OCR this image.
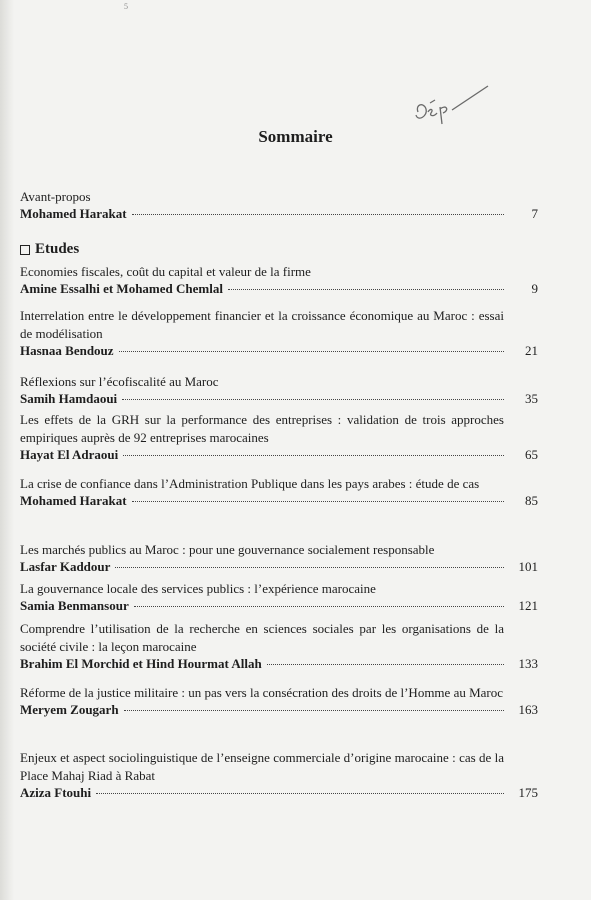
5
Sommaire
Avant-propos
Mohamed Harakat	7
Etudes
Economies fiscales, coût du capital et valeur de la firme
Amine Essalhi et Mohamed Chemlal	9
Interrelation entre le développement financier et la croissance économique au Maroc : essai de modélisation
Hasnaa Bendouz	21
Réflexions sur l’écofiscalité au Maroc
Samih Hamdaoui	35
Les effets de la GRH sur la performance des entreprises : validation de trois approches empiriques auprès de 92 entreprises marocaines
Hayat El Adraoui	65
La crise de confiance dans l’Administration Publique dans les pays arabes : étude de cas
Mohamed Harakat	85
Les marchés publics au Maroc : pour une gouvernance socialement responsable
Lasfar Kaddour	101
La gouvernance locale des services publics : l’expérience marocaine
Samia Benmansour	121
Comprendre l’utilisation de la recherche en sciences sociales par les organisations de la société civile : la leçon marocaine
Brahim El Morchid et Hind Hourmat Allah	133
Réforme de la justice militaire : un pas vers la consécration des droits de l’Homme au Maroc
Meryem Zougarh	163
Enjeux et aspect sociolinguistique de l’enseigne commerciale d’origine marocaine : cas de la Place Mahaj Riad à Rabat
Aziza Ftouhi	175
